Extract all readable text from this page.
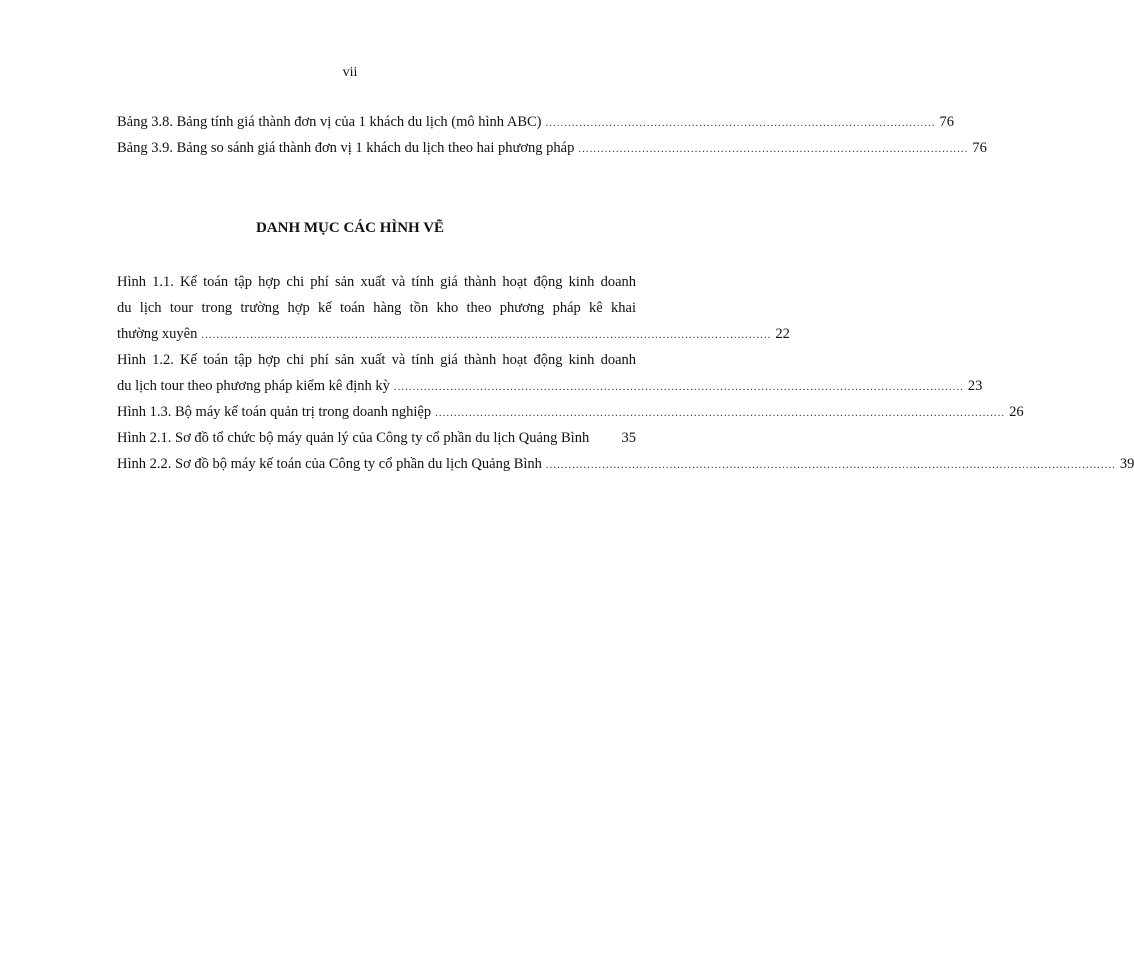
vii
Bảng 3.8. Bảng tính giá thành đơn vị của 1 khách du lịch (mô hình ABC) ........................................................................................................ 76
Bảng 3.9. Bảng so sánh giá thành đơn vị 1 khách du lịch theo hai phương pháp ........................................................................................................ 76
DANH MỤC CÁC HÌNH VẼ
Hình 1.1. Kế toán tập hợp chi phí sản xuất và tính giá thành hoạt động kinh doanh
du lịch tour trong trường hợp kế toán hàng tồn kho theo phương pháp kê khai
thường xuyên ........................................................................................................................................................ 22
Hình 1.2. Kế toán tập hợp chi phí sản xuất và tính giá thành hoạt động kinh doanh
du lịch tour theo phương pháp kiểm kê định kỳ ........................................................................................................................................................ 23
Hình 1.3. Bộ máy kế toán quản trị trong doanh nghiệp ........................................................................................................................................................ 26
Hình 2.1. Sơ đồ tổ chức bộ máy quản lý của Công ty cổ phần du lịch Quảng Bình 35
Hình 2.2. Sơ đồ bộ máy kế toán của Công ty cổ phần du lịch Quảng Bình ........................................................................................................................................................ 39
